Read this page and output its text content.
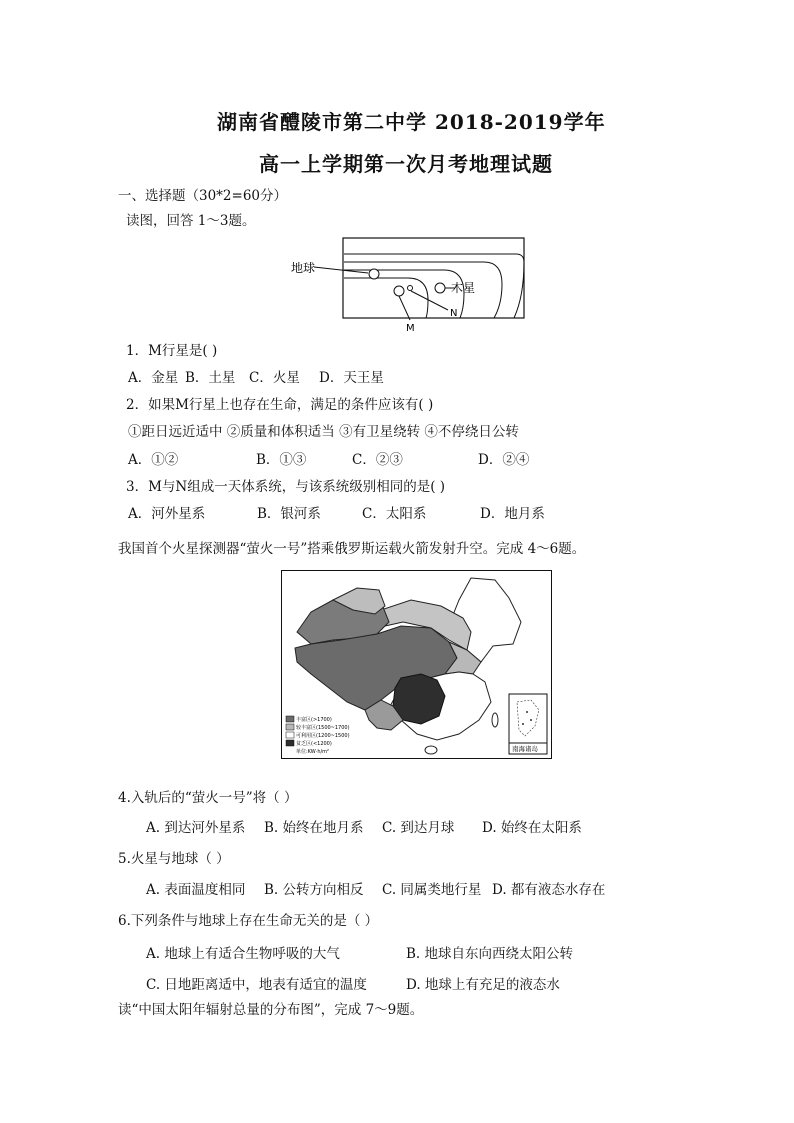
湖南省醴陵市第二中学 2018-2019学年
高一上学期第一次月考地理试题
一、选择题（30*2=60分）
读图，回答 1～3题。
地球
木星
N
M
1．M行星是( )
A．金星 B．土星 C．火星 D．天王星
2．如果M行星上也存在生命，满足的条件应该有( )
①距日远近适中 ②质量和体积适当 ③有卫星绕转 ④不停绕日公转
A．①②	B．①③	C．②③	D．②④
3．M与N组成一天体系统，与该系统级别相同的是( )
A．河外星系	B．银河系	C．太阳系	D．地月系
我国首个火星探测器“萤火一号”搭乘俄罗斯运载火箭发射升空。完成 4～6题。
丰富区(>1700)
较丰富区(1500~1700)
可利用区(1200~1500)
贫乏区(<1200)
单位:KW·h/m²	南海诸岛
4.入轨后的“萤火一号”将（ ）
A. 到达河外星系 B. 始终在地月系 C. 到达月球 D. 始终在太阳系
5.火星与地球（ ）
A. 表面温度相同 B. 公转方向相反 C. 同属类地行星 D. 都有液态水存在
6.下列条件与地球上存在生命无关的是（ ）
A. 地球上有适合生物呼吸的大气	B. 地球自东向西绕太阳公转
C. 日地距离适中，地表有适宜的温度	D. 地球上有充足的液态水
读“中国太阳年辐射总量的分布图”，完成 7～9题。
